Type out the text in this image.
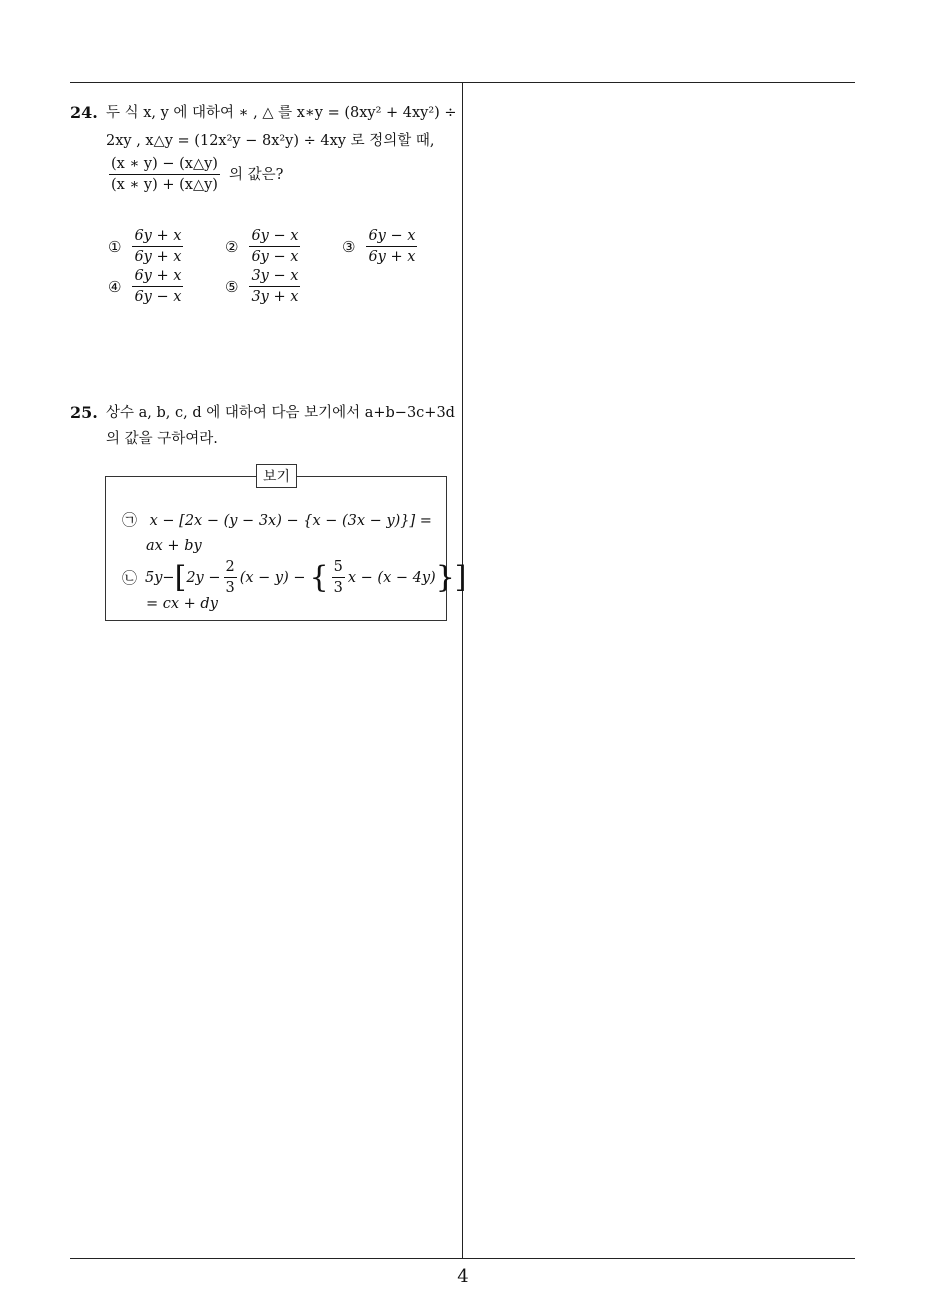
24. 두 식 x, y 에 대하여 ∗ , △ 를 x∗y = (8xy² + 4xy²) ÷
2xy , x△y = (12x²y − 8x²y) ÷ 4xy 로 정의할 때,
$\frac{(x ∗ y) - (x\triangle y)}{(x ∗ y) + (x\triangle y)}$ 의 값은?
① $\frac{6y + x}{6y + x}$	② $\frac{6y - x}{6y - x}$	③ $\frac{6y - x}{6y + x}$
④ $\frac{6y + x}{6y - x}$	⑤ $\frac{3y - x}{3y + x}$
25. 상수 a, b, c, d 에 대하여 다음 보기에서 a+b−3c+3d
의 값을 구하여라.
보기
㉠ x − [2x − (y − 3x) − {x − (3x − y)}] =
ax + by
㉡ 5y− [ $2y - \frac{2}{3} (x - y)$ − { $\frac{5}{3}$ x − (x − 4y) } ]
= cx + dy
4
